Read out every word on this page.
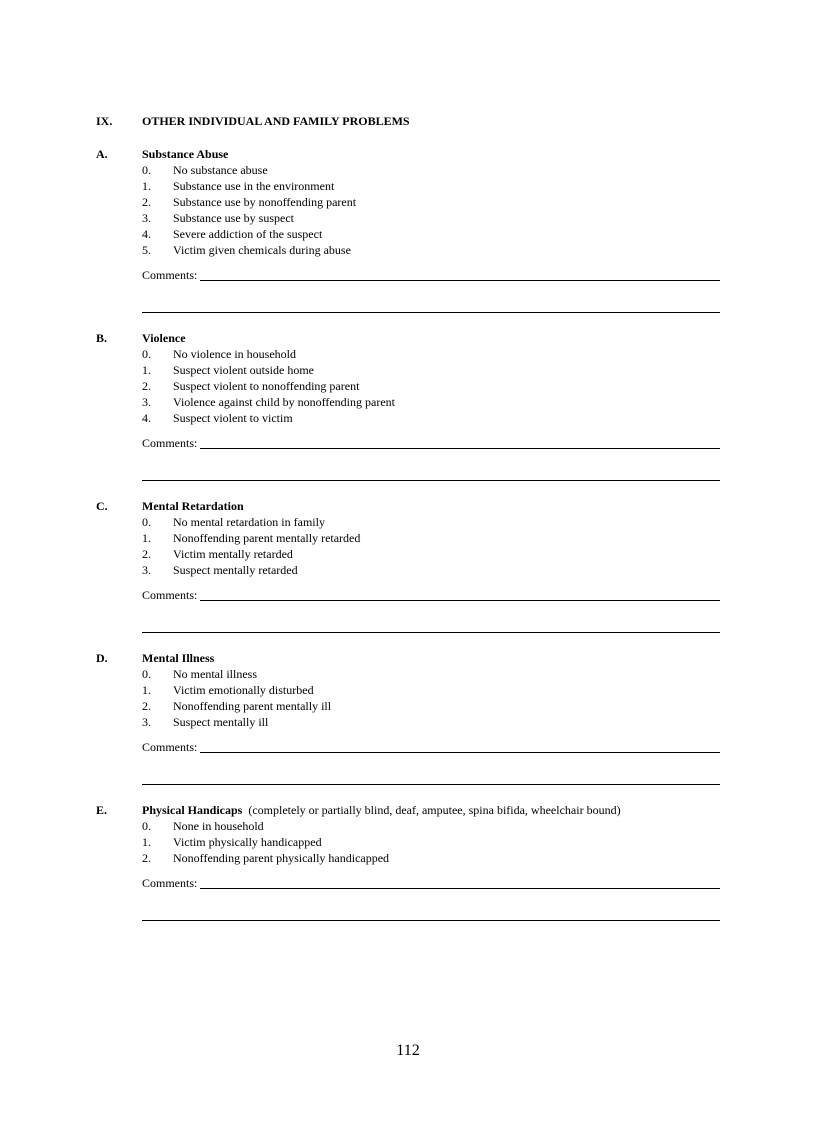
IX.	OTHER INDIVIDUAL AND FAMILY PROBLEMS
A.	Substance Abuse
0. No substance abuse
1. Substance use in the environment
2. Substance use by nonoffending parent
3. Substance use by suspect
4. Severe addiction of the suspect
5. Victim given chemicals during abuse
Comments:
B.	Violence
0. No violence in household
1. Suspect violent outside home
2. Suspect violent to nonoffending parent
3. Violence against child by nonoffending parent
4. Suspect violent to victim
Comments:
C.	Mental Retardation
0. No mental retardation in family
1. Nonoffending parent mentally retarded
2. Victim mentally retarded
3. Suspect mentally retarded
Comments:
D.	Mental Illness
0. No mental illness
1. Victim emotionally disturbed
2. Nonoffending parent mentally ill
3. Suspect mentally ill
Comments:
E.	Physical Handicaps (completely or partially blind, deaf, amputee, spina bifida, wheelchair bound)
0. None in household
1. Victim physically handicapped
2. Nonoffending parent physically handicapped
Comments:
112
